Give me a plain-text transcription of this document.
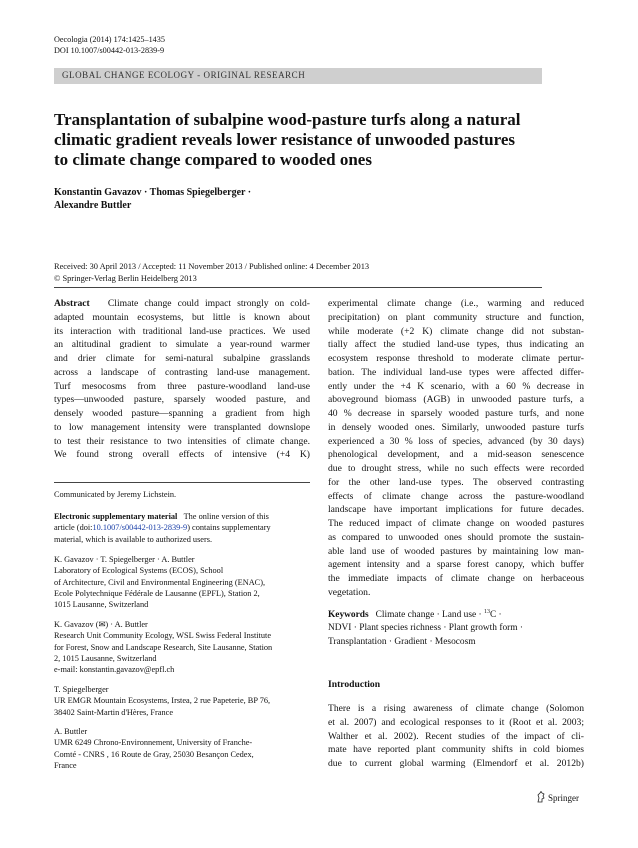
Oecologia (2014) 174:1425–1435
DOI 10.1007/s00442-013-2839-9
GLOBAL CHANGE ECOLOGY - ORIGINAL RESEARCH
Transplantation of subalpine wood-pasture turfs along a natural
climatic gradient reveals lower resistance of unwooded pastures
to climate change compared to wooded ones
Konstantin Gavazov · Thomas Spiegelberger ·
Alexandre Buttler
Received: 30 April 2013 / Accepted: 11 November 2013 / Published online: 4 December 2013
© Springer-Verlag Berlin Heidelberg 2013
Abstract Climate change could impact strongly on cold-
adapted mountain ecosystems, but little is known about
its interaction with traditional land-use practices. We used
an altitudinal gradient to simulate a year-round warmer
and drier climate for semi-natural subalpine grasslands
across a landscape of contrasting land-use management.
Turf mesocosms from three pasture-woodland land-use
types—unwooded pasture, sparsely wooded pasture, and
densely wooded pasture—spanning a gradient from high
to low management intensity were transplanted downslope
to test their resistance to two intensities of climate change.
We found strong overall effects of intensive (+4 K)
Communicated by Jeremy Lichstein.
Electronic supplementary material The online version of this
article (doi:10.1007/s00442-013-2839-9) contains supplementary
material, which is available to authorized users.
K. Gavazov · T. Spiegelberger · A. Buttler
Laboratory of Ecological Systems (ECOS), School
of Architecture, Civil and Environmental Engineering (ENAC),
Ecole Polytechnique Fédérale de Lausanne (EPFL), Station 2,
1015 Lausanne, Switzerland
K. Gavazov (✉) · A. Buttler
Research Unit Community Ecology, WSL Swiss Federal Institute
for Forest, Snow and Landscape Research, Site Lausanne, Station
2, 1015 Lausanne, Switzerland
e-mail: konstantin.gavazov@epfl.ch
T. Spiegelberger
UR EMGR Mountain Ecosystems, Irstea, 2 rue Papeterie, BP 76,
38402 Saint-Martin d'Hères, France
A. Buttler
UMR 6249 Chrono-Environnement, University of Franche-
Comté - CNRS , 16 Route de Gray, 25030 Besançon Cedex,
France
experimental climate change (i.e., warming and reduced
precipitation) on plant community structure and function,
while moderate (+2 K) climate change did not substan-
tially affect the studied land-use types, thus indicating an
ecosystem response threshold to moderate climate pertur-
bation. The individual land-use types were affected differ-
ently under the +4 K scenario, with a 60 % decrease in
aboveground biomass (AGB) in unwooded pasture turfs, a
40 % decrease in sparsely wooded pasture turfs, and none
in densely wooded ones. Similarly, unwooded pasture turfs
experienced a 30 % loss of species, advanced (by 30 days)
phenological development, and a mid-season senescence
due to drought stress, while no such effects were recorded
for the other land-use types. The observed contrasting
effects of climate change across the pasture-woodland
landscape have important implications for future decades.
The reduced impact of climate change on wooded pastures
as compared to unwooded ones should promote the sustain-
able land use of wooded pastures by maintaining low man-
agement intensity and a sparse forest canopy, which buffer
the immediate impacts of climate change on herbaceous
vegetation.
Keywords Climate change · Land use · $^{13}$C ·
NDVI · Plant species richness · Plant growth form ·
Transplantation · Gradient · Mesocosm
Introduction
There is a rising awareness of climate change (Solomon
et al. 2007) and ecological responses to it (Root et al. 2003;
Walther et al. 2002). Recent studies of the impact of cli-
mate have reported plant community shifts in cold biomes
due to current global warming (Elmendorf et al. 2012b)
Springer
